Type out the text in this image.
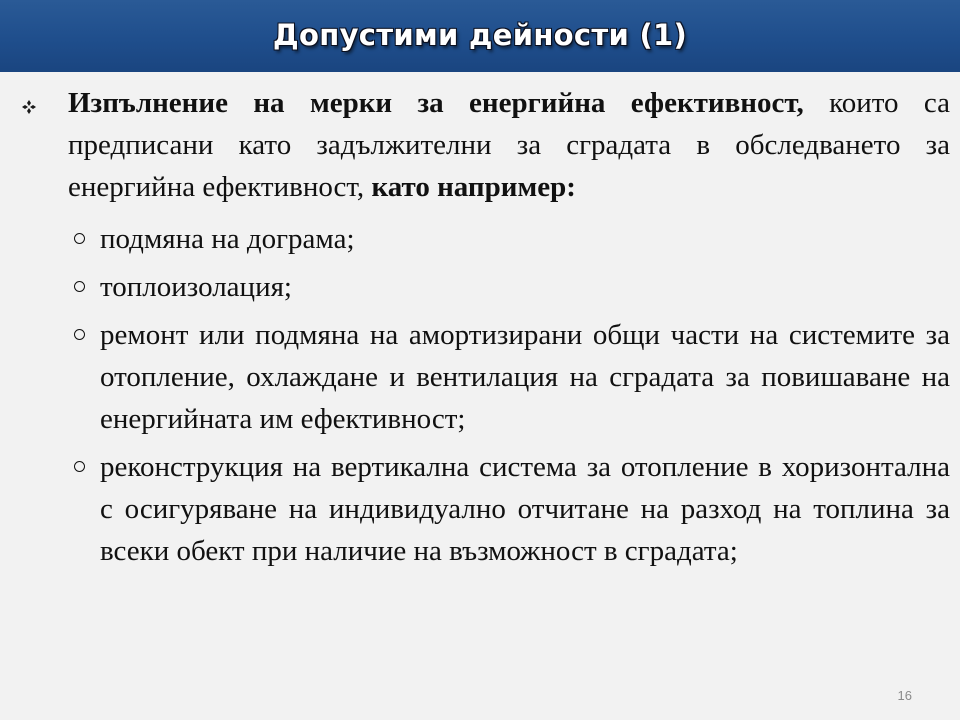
Допустими дейности (1)
Изпълнение на мерки за енергийна ефективност, които са предписани като задължителни за сградата в обследването за енергийна ефективност, като например:
подмяна на дограма;
топлоизолация;
ремонт или подмяна на амортизирани общи части на системите за отопление, охлаждане и вентилация на сградата за повишаване на енергийната им ефективност;
реконструкция на вертикална система за отопление в хоризонтална с осигуряване на индивидуално отчитане на разход на топлина за всеки обект при наличие на възможност в сградата;
16
